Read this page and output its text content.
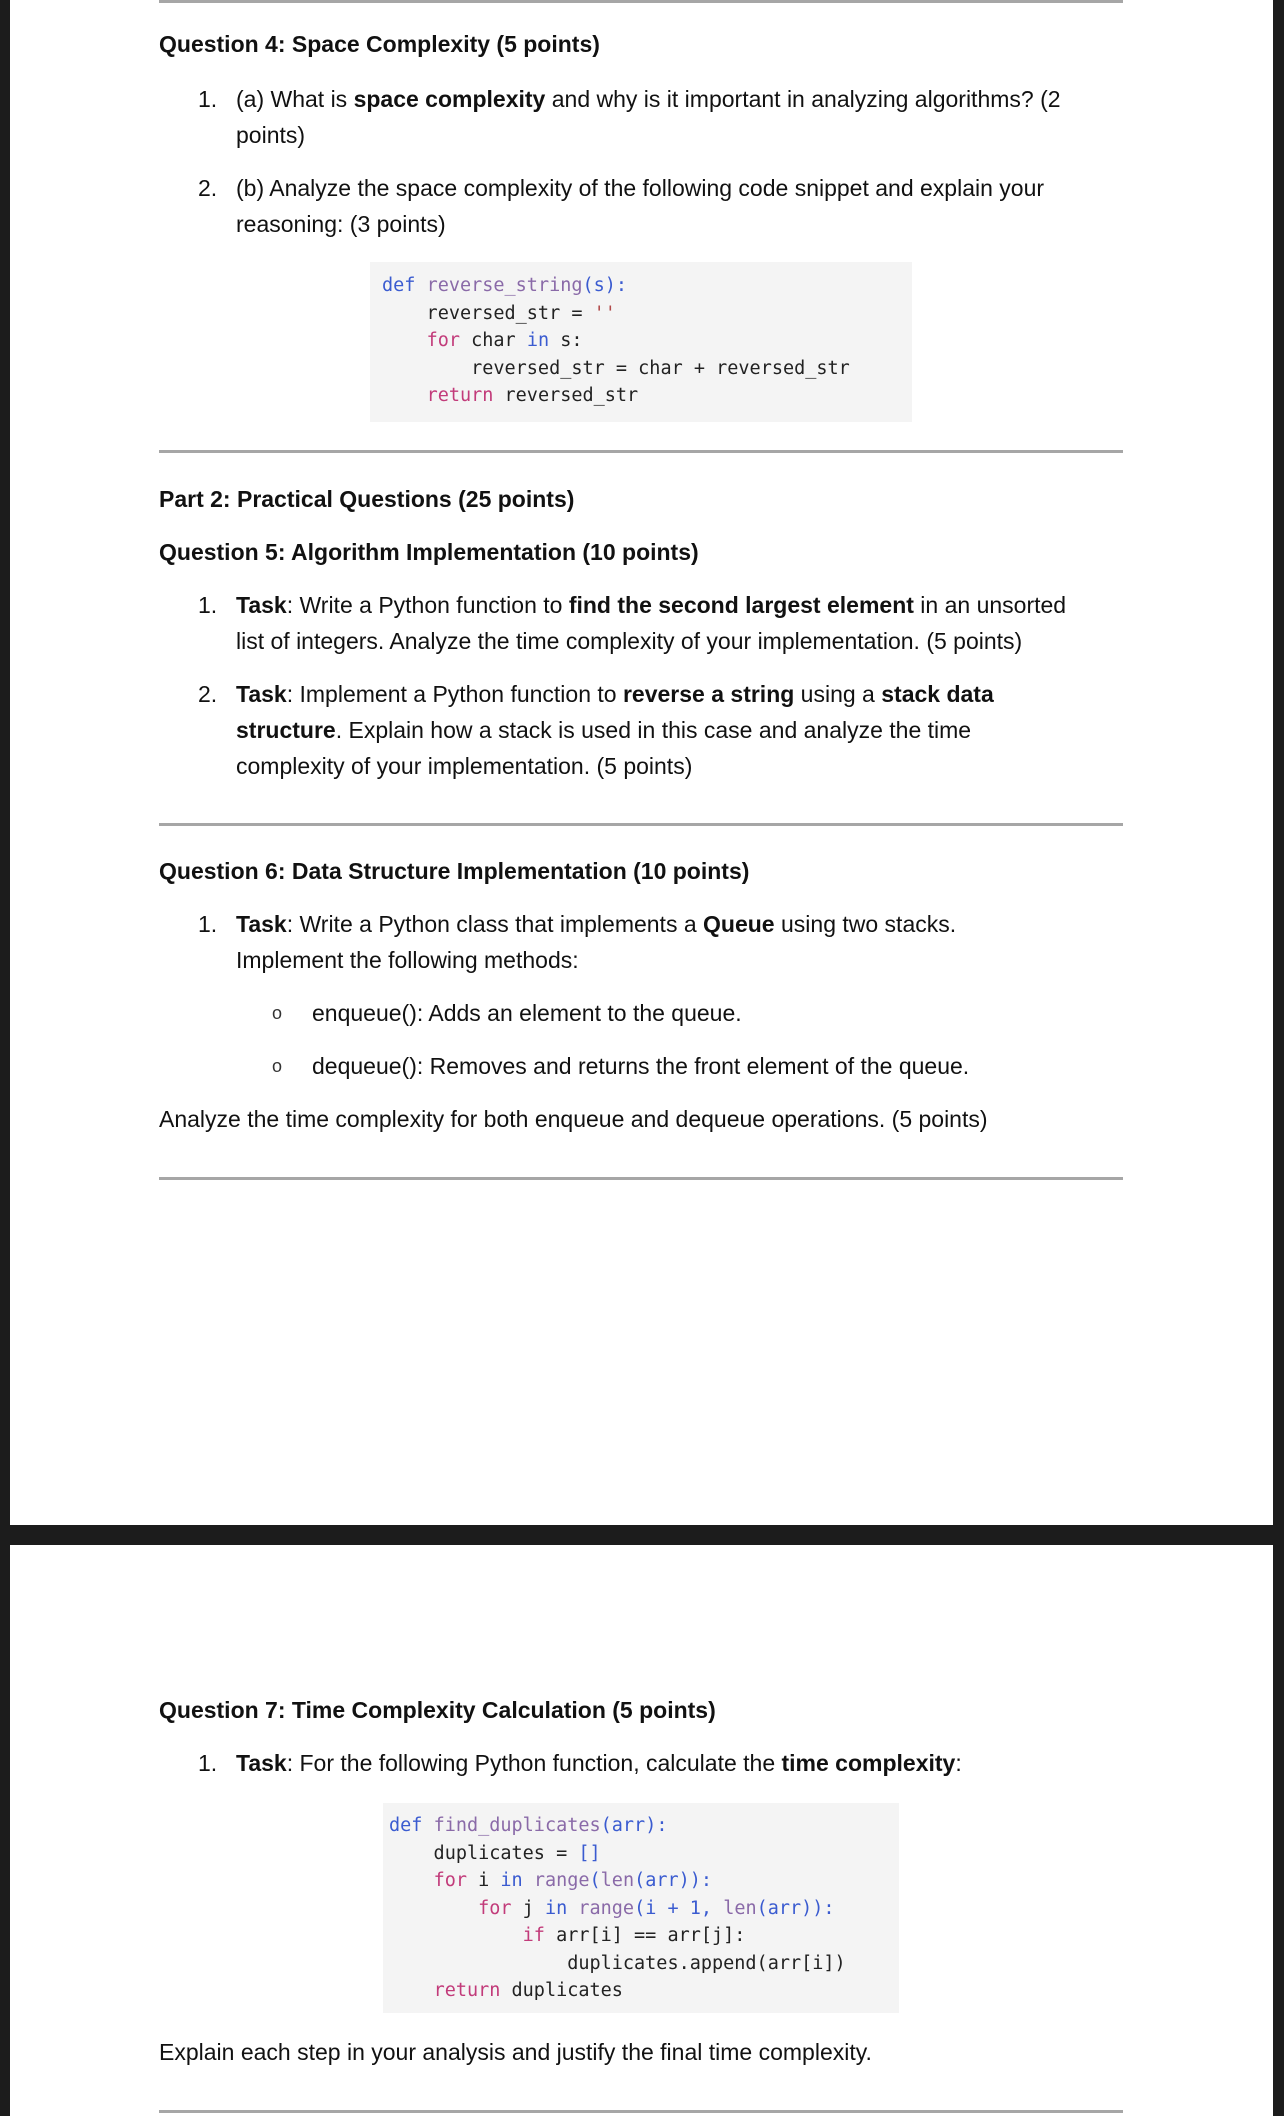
Question 4: Space Complexity (5 points)
1. (a) What is space complexity and why is it important in analyzing algorithms? (2
points)
2. (b) Analyze the space complexity of the following code snippet and explain your
reasoning: (3 points)
def reverse_string(s):
reversed_str = ''
for char in s:
reversed_str = char + reversed_str
return reversed_str
Part 2: Practical Questions (25 points)
Question 5: Algorithm Implementation (10 points)
1. Task: Write a Python function to find the second largest element in an unsorted
list of integers. Analyze the time complexity of your implementation. (5 points)
2. Task: Implement a Python function to reverse a string using a stack data
structure. Explain how a stack is used in this case and analyze the time
complexity of your implementation. (5 points)
Question 6: Data Structure Implementation (10 points)
1. Task: Write a Python class that implements a Queue using two stacks.
Implement the following methods:
o enqueue(): Adds an element to the queue.
o dequeue(): Removes and returns the front element of the queue.
Analyze the time complexity for both enqueue and dequeue operations. (5 points)
Question 7: Time Complexity Calculation (5 points)
1. Task: For the following Python function, calculate the time complexity:
def find_duplicates(arr):
duplicates = []
for i in range(len(arr)):
for j in range(i + 1, len(arr)):
if arr[i] == arr[j]:
duplicates.append(arr[i])
return duplicates
Explain each step in your analysis and justify the final time complexity.
